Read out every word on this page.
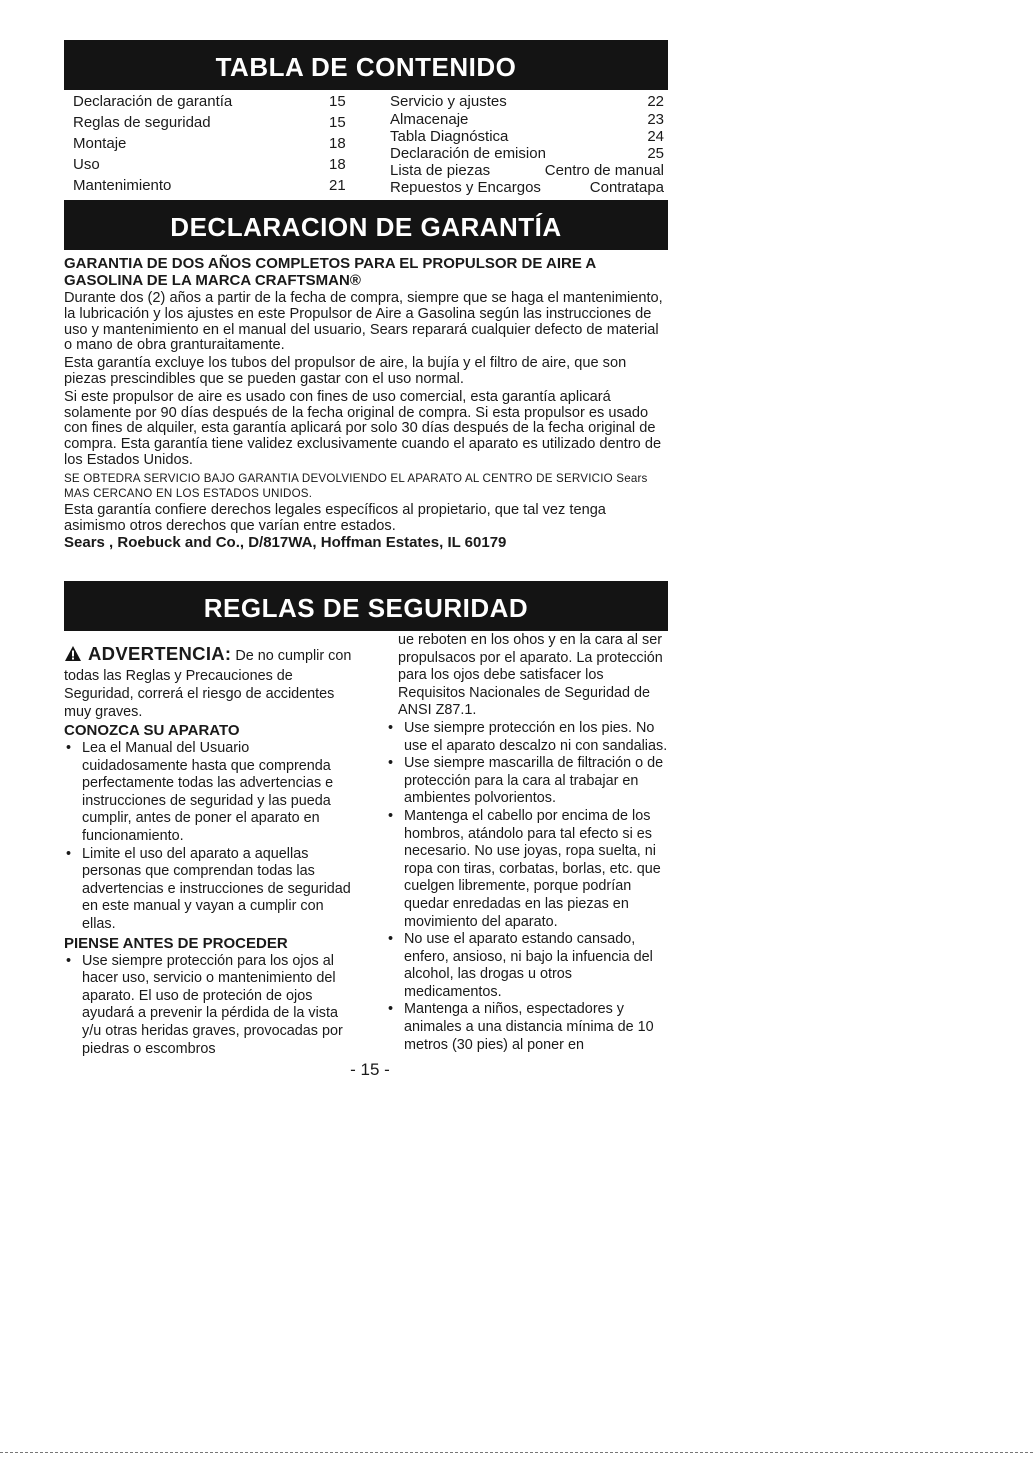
TABLA DE CONTENIDO
Declaración de garantía	15
Reglas de seguridad	15
Montaje	18
Uso	18
Mantenimiento	21
Servicio y ajustes	22
Almacenaje	23
Tabla Diagnóstica	24
Declaración de emision	25
Lista de piezas	Centro de manual
Repuestos y Encargos	Contratapa
DECLARACION DE GARANTÍA
GARANTIA DE DOS AÑOS COMPLETOS PARA EL PROPULSOR DE AIRE A
GASOLINA DE LA MARCA CRAFTSMAN®

Durante dos (2) años a partir de la fecha de compra, siempre que se haga el mantenimiento, la lubricación y los ajustes en este Propulsor de Aire a Gasolina según las instrucciones de uso y mantenimiento en el manual del usuario, Sears reparará cualquier defecto de material o mano de obra granturaitamente.

Esta garantía excluye los tubos del propulsor de aire, la bujía y el filtro de aire, que son piezas prescindibles que se pueden gastar con el uso normal.

Si este propulsor de aire es usado con fines de uso comercial, esta garantía aplicará solamente por 90 días después de la fecha original de compra. Si esta propulsor es usado con fines de alquiler, esta garantía aplicará por solo 30 días después de la fecha original de compra. Esta garantía tiene validez exclusivamente cuando el aparato es utilizado dentro de los Estados Unidos.

SE OBTEDRA SERVICIO BAJO GARANTIA DEVOLVIENDO EL APARATO AL CENTRO DE SERVICIO Sears MAS CERCANO EN LOS ESTADOS UNIDOS.

Esta garantía confiere derechos legales específicos al propietario, que tal vez tenga asimismo otros derechos que varían entre estados.

Sears , Roebuck and Co., D/817WA, Hoffman Estates, IL 60179

REGLAS DE SEGURIDAD

ADVERTENCIA: De no cumplir con todas las Reglas y Precauciones de Seguridad, correrá el riesgo de accidentes muy graves.

CONOZCA SU APARATO

• Lea el Manual del Usuario cuidadosamente hasta que comprenda perfectamente todas las advertencias e instrucciones de seguridad y las pueda cumplir, antes de poner el aparato en funcionamiento.

• Limite el uso del aparato a aquellas personas que comprendan todas las advertencias e instrucciones de seguridad en este manual y vayan a cumplir con ellas.

PIENSE ANTES DE PROCEDER

• Use siempre protección para los ojos al hacer uso, servicio o mantenimiento del aparato. El uso de proteción de ojos ayudará a prevenir la pérdida de la vista y/u otras heridas graves, provocadas por piedras o escombros

ue reboten en los ohos y en la cara al ser propulsacos por el aparato. La protección para los ojos debe satisfacer los Requisitos Nacionales de Seguridad de ANSI Z87.1.

• Use siempre protección en los pies. No use el aparato descalzo ni con sandalias.

• Use siempre mascarilla de filtración o de protección para la cara al trabajar en ambientes polvorientos.

• Mantenga el cabello por encima de los hombros, atándolo para tal efecto si es necesario. No use joyas, ropa suelta, ni ropa con tiras, corbatas, borlas, etc. que cuelgen libremente, porque podrían quedar enredadas en las piezas en movimiento del aparato.

• No use el aparato estando cansado, enfero, ansioso, ni bajo la infuencia del alcohol, las drogas u otros medicamentos.

• Mantenga a niños, espectadores y animales a una distancia mínima de 10 metros (30 pies) al poner en

- 15 -
